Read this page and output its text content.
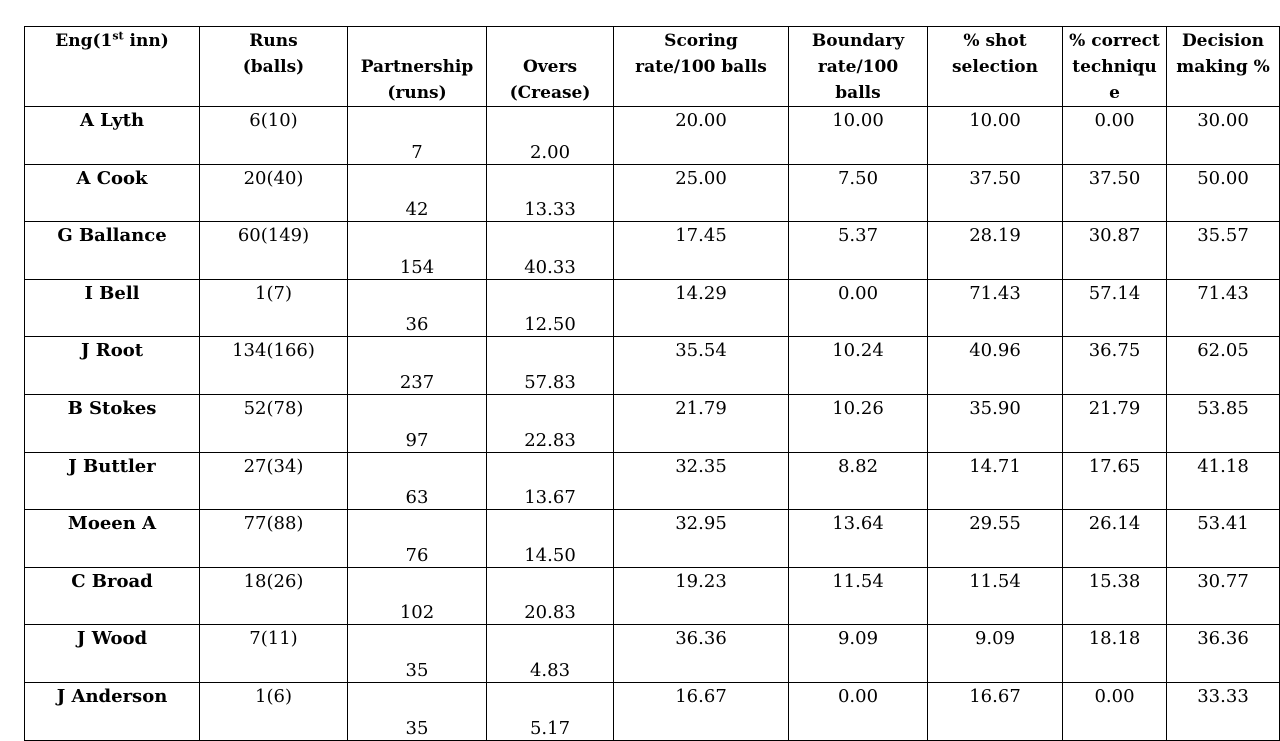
Eng(1st inn)	Runs (balls)	Partnership (runs)	Overs (Crease)	Scoring rate/100 balls	Boundary rate/100 balls	% shot selection	% correct techniqu e	Decision making %

A Lyth	6(10)	7	2.00	20.00	10.00	10.00	0.00	30.00
A Cook	20(40)	42	13.33	25.00	7.50	37.50	37.50	50.00
G Ballance	60(149)	154	40.33	17.45	5.37	28.19	30.87	35.57
I Bell	1(7)	36	12.50	14.29	0.00	71.43	57.14	71.43
J Root	134(166)	237	57.83	35.54	10.24	40.96	36.75	62.05
B Stokes	52(78)	97	22.83	21.79	10.26	35.90	21.79	53.85
J Buttler	27(34)	63	13.67	32.35	8.82	14.71	17.65	41.18
Moeen A	77(88)	76	14.50	32.95	13.64	29.55	26.14	53.41
C Broad	18(26)	102	20.83	19.23	11.54	11.54	15.38	30.77
J Wood	7(11)	35	4.83	36.36	9.09	9.09	18.18	36.36
J Anderson	1(6)	35	5.17	16.67	0.00	16.67	0.00	33.33
